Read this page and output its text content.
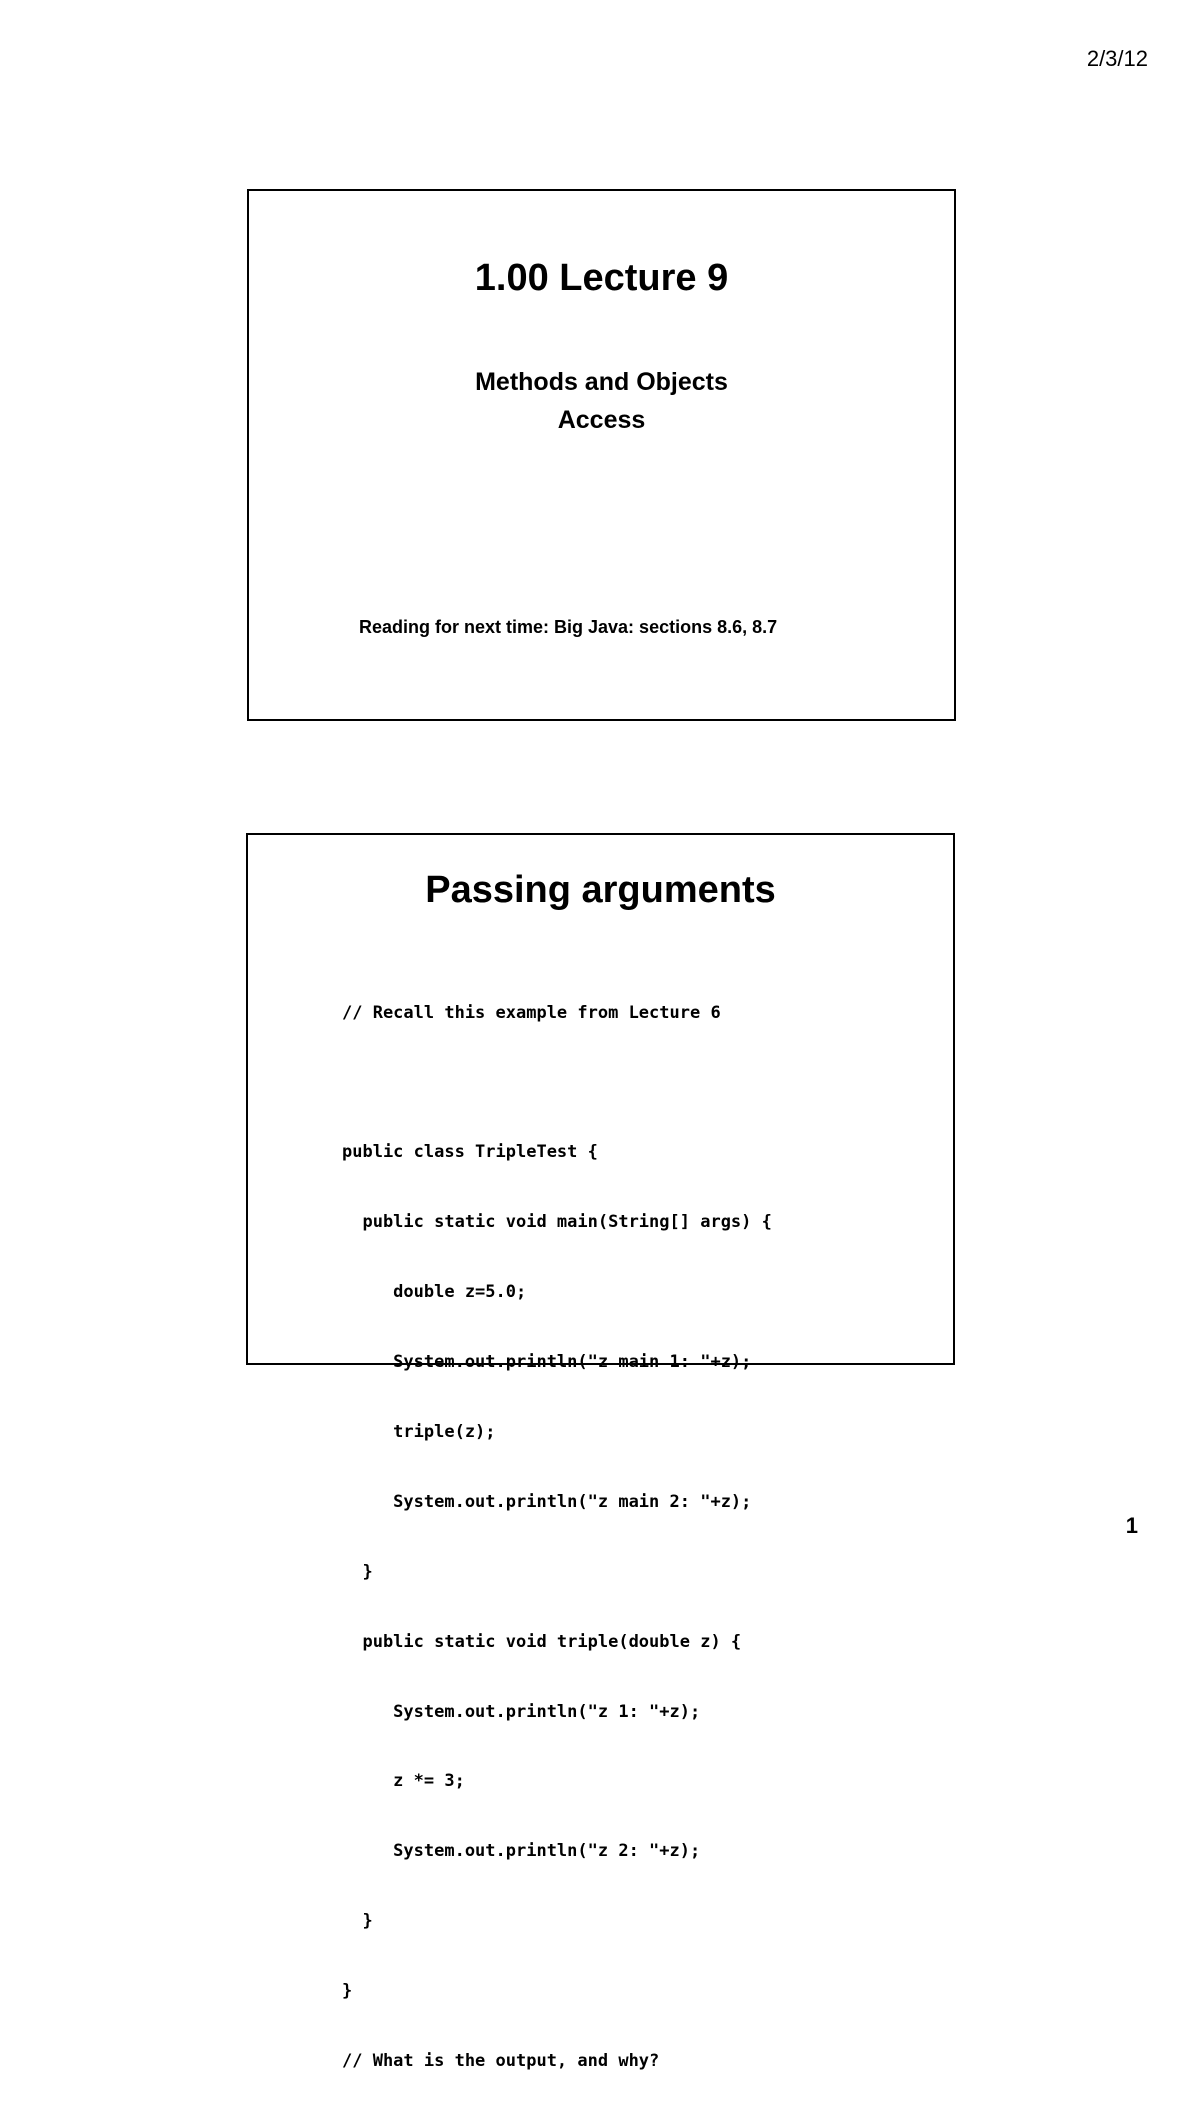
2/3/12
1.00 Lecture 9
Methods and Objects
Access
Reading for next time: Big Java: sections 8.6, 8.7
Passing arguments

// Recall this example from Lecture 6

public class TripleTest {

public static void main(String[] args) {

double z=5.0;

System.out.println("z main 1: "+z);

triple(z);

System.out.println("z main 2: "+z);

}

public static void triple(double z) {

System.out.println("z 1: "+z);

z *= 3;

System.out.println("z 2: "+z);

}

}

// What is the output, and why?

1
